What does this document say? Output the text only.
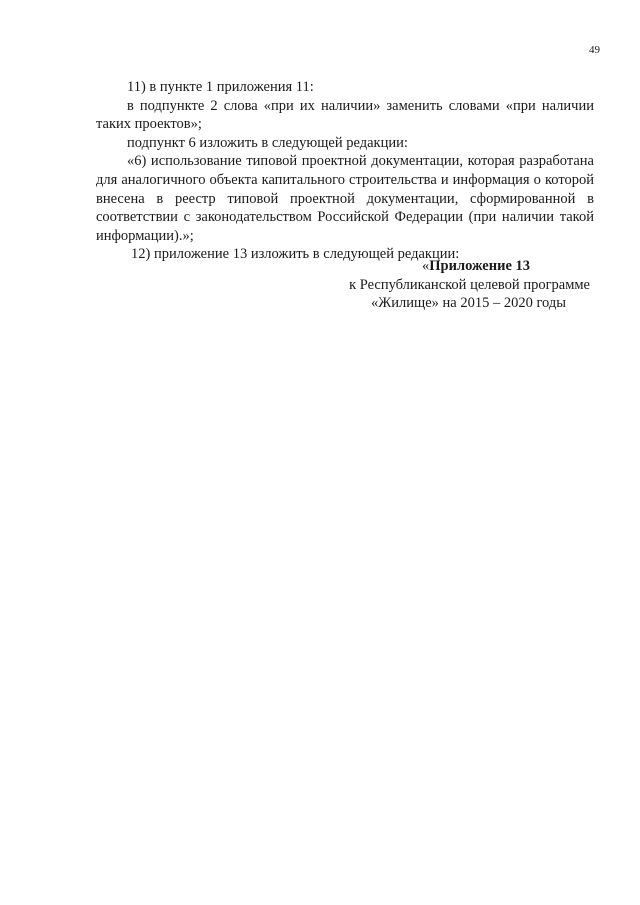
49

11) в пункте 1 приложения 11:

в подпункте 2 слова «при их наличии» заменить словами «при наличии таких проектов»;

подпункт 6 изложить в следующей редакции:

«6) использование типовой проектной документации, которая разработана для аналогичного объекта капитального строительства и информация о которой внесена в реестр типовой проектной документации, сформированной в соответствии с законодательством Российской Федерации (при наличии такой информации).»;

12) приложение 13 изложить в следующей редакции:

«Приложение 13
к Республиканской целевой программе
«Жилище» на 2015 – 2020 годы
